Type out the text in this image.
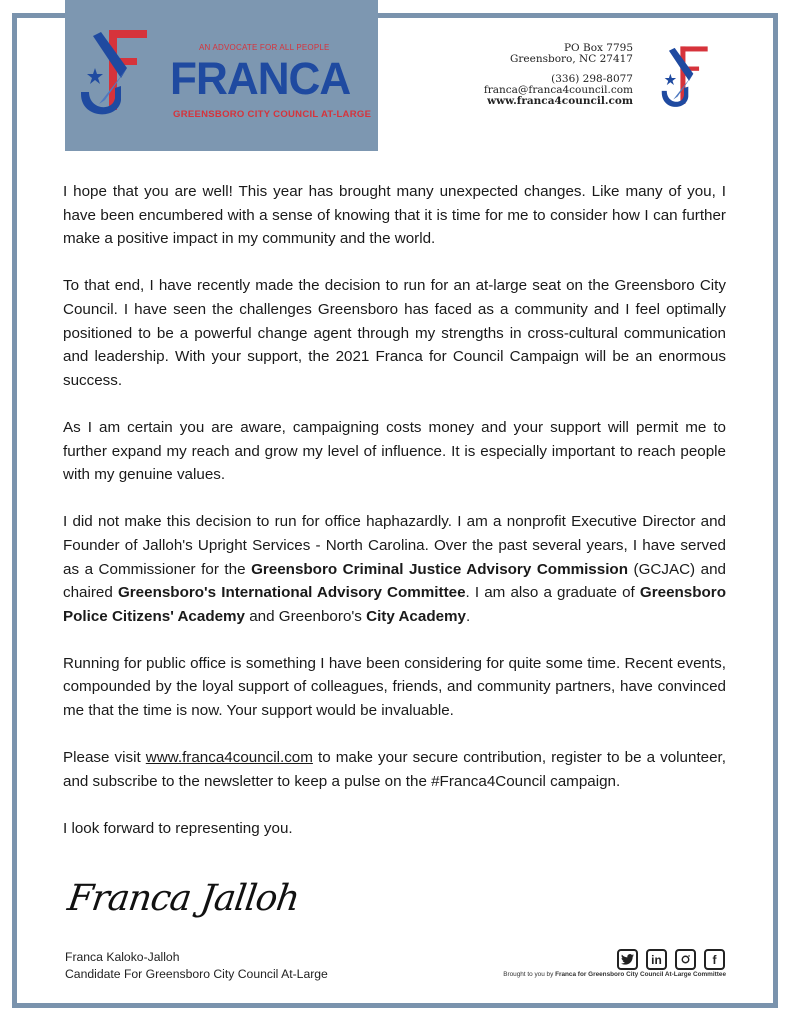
AN ADVOCATE FOR ALL PEOPLE
FRANCA
GREENSBORO CITY COUNCIL AT-LARGE
PO Box 7795
Greensboro, NC 27417
(336) 298-8077
franca@franca4council.com
www.franca4council.com

I hope that you are well! This year has brought many unexpected changes. Like many of you, I have been encumbered with a sense of knowing that it is time for me to consider how I can further make a positive impact in my community and the world.

To that end, I have recently made the decision to run for an at-large seat on the Greensboro City Council. I have seen the challenges Greensboro has faced as a community and I feel optimally positioned to be a powerful change agent through my strengths in cross-cultural communication and leadership. With your support, the 2021 Franca for Council Campaign will be an enormous success.

As I am certain you are aware, campaigning costs money and your support will permit me to further expand my reach and grow my level of influence. It is especially important to reach people with my genuine values.

I did not make this decision to run for office haphazardly. I am a nonprofit Executive Director and Founder of Jalloh's Upright Services - North Carolina. Over the past several years, I have served as a Commissioner for the Greensboro Criminal Justice Advisory Commission (GCJAC) and chaired Greensboro's International Advisory Committee. I am also a graduate of Greensboro Police Citizens' Academy and Greenboro's City Academy.

Running for public office is something I have been considering for quite some time. Recent events, compounded by the loyal support of colleagues, friends, and community partners, have convinced me that the time is now. Your support would be invaluable.

Please visit www.franca4council.com to make your secure contribution, register to be a volunteer, and subscribe to the newsletter to keep a pulse on the #Franca4Council campaign.

I look forward to representing you.

Franca Jalloh
Franca Kaloko-Jalloh
Candidate For Greensboro City Council At-Large
in	f
Brought to you by Franca for Greensboro City Council At-Large Committee
